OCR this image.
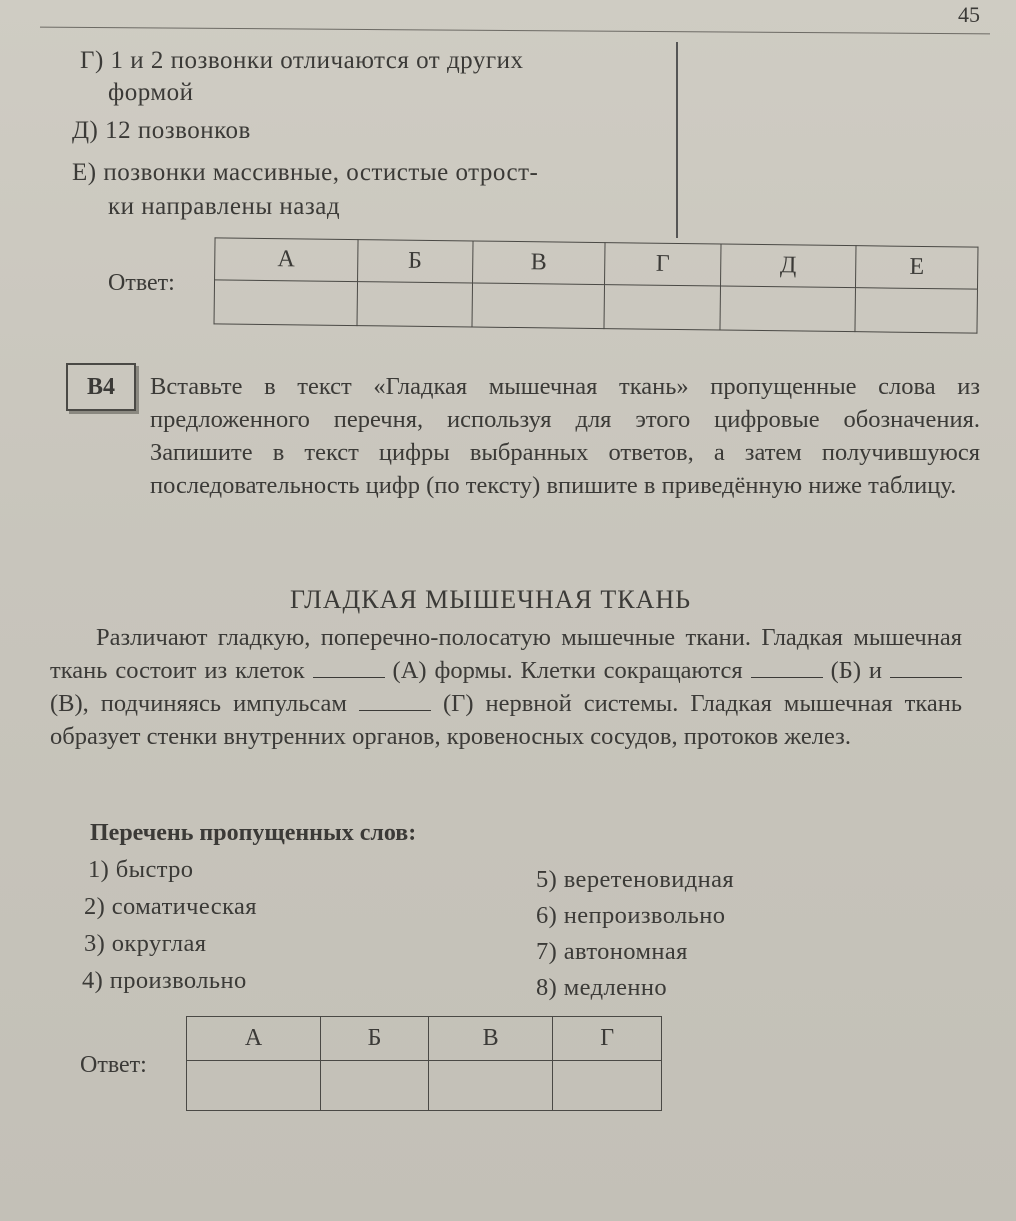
45
Г) 1 и 2 позвонки отличаются от других
формой
Д) 12 позвонков
Е) позвонки массивные, остистые отрост-
ки направлены назад
Ответ:
А	Б	В	Г	Д	Е

В4	Вставьте в текст «Гладкая мышечная ткань» пропущенные слова из предложенного перечня, используя для этого цифровые обозначения. Запишите в текст цифры выбранных ответов, а затем получившуюся последовательность цифр (по тексту) впишите в приведённую ниже таблицу.
ГЛАДКАЯ МЫШЕЧНАЯ ТКАНЬ
Различают гладкую, поперечно-полосатую мышечные ткани. Гладкая мышечная ткань состоит из клеток	(А) формы. Клетки сокращаются	(Б) и  (В), подчиняясь импульсам	(Г) нервной системы. Гладкая мышечная ткань образует стенки внутренних органов, кровеносных сосудов, протоков желез.
Перечень пропущенных слов:
1) быстро
2) соматическая
3) округлая
4) произвольно
5) веретеновидная
6) непроизвольно
7) автономная
8) медленно
Ответ:
А	Б	В	Г
